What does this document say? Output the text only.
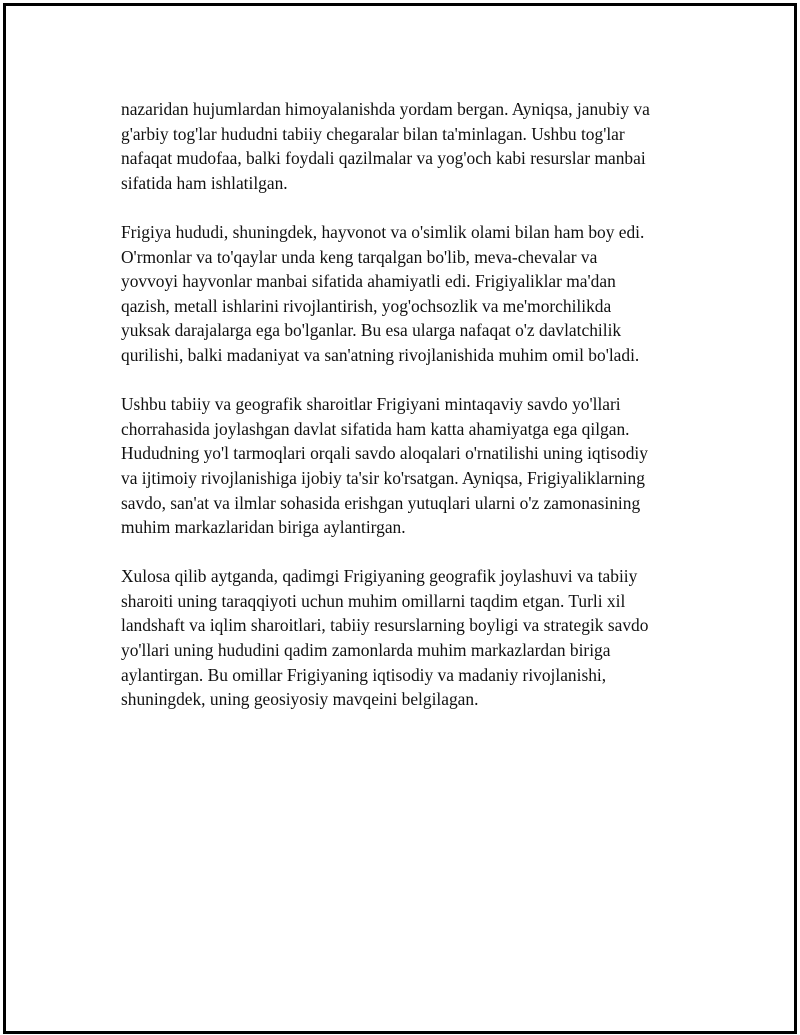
nazaridan hujumlardan himoyalanishda yordam bergan. Ayniqsa, janubiy va
g'arbiy tog'lar hududni tabiiy chegaralar bilan ta'minlagan. Ushbu tog'lar
nafaqat mudofaa, balki foydali qazilmalar va yog'och kabi resurslar manbai
sifatida ham ishlatilgan.

Frigiya hududi, shuningdek, hayvonot va o'simlik olami bilan ham boy edi.
O'rmonlar va to'qaylar unda keng tarqalgan bo'lib, meva-chevalar va
yovvoyi hayvonlar manbai sifatida ahamiyatli edi. Frigiyaliklar ma'dan
qazish, metall ishlarini rivojlantirish, yog'ochsozlik va me'morchilikda
yuksak darajalarga ega bo'lganlar. Bu esa ularga nafaqat o'z davlatchilik
qurilishi, balki madaniyat va san'atning rivojlanishida muhim omil bo'ladi.

Ushbu tabiiy va geografik sharoitlar Frigiyani mintaqaviy savdo yo'llari
chorrahasida joylashgan davlat sifatida ham katta ahamiyatga ega qilgan.
Hududning yo'l tarmoqlari orqali savdo aloqalari o'rnatilishi uning iqtisodiy
va ijtimoiy rivojlanishiga ijobiy ta'sir ko'rsatgan. Ayniqsa, Frigiyaliklarning
savdo, san'at va ilmlar sohasida erishgan yutuqlari ularni o'z zamonasining
muhim markazlaridan biriga aylantirgan.

Xulosa qilib aytganda, qadimgi Frigiyaning geografik joylashuvi va tabiiy
sharoiti uning taraqqiyoti uchun muhim omillarni taqdim etgan. Turli xil
landshaft va iqlim sharoitlari, tabiiy resurslarning boyligi va strategik savdo
yo'llari uning hududini qadim zamonlarda muhim markazlardan biriga
aylantirgan. Bu omillar Frigiyaning iqtisodiy va madaniy rivojlanishi,
shuningdek, uning geosiyosiy mavqeini belgilagan.
